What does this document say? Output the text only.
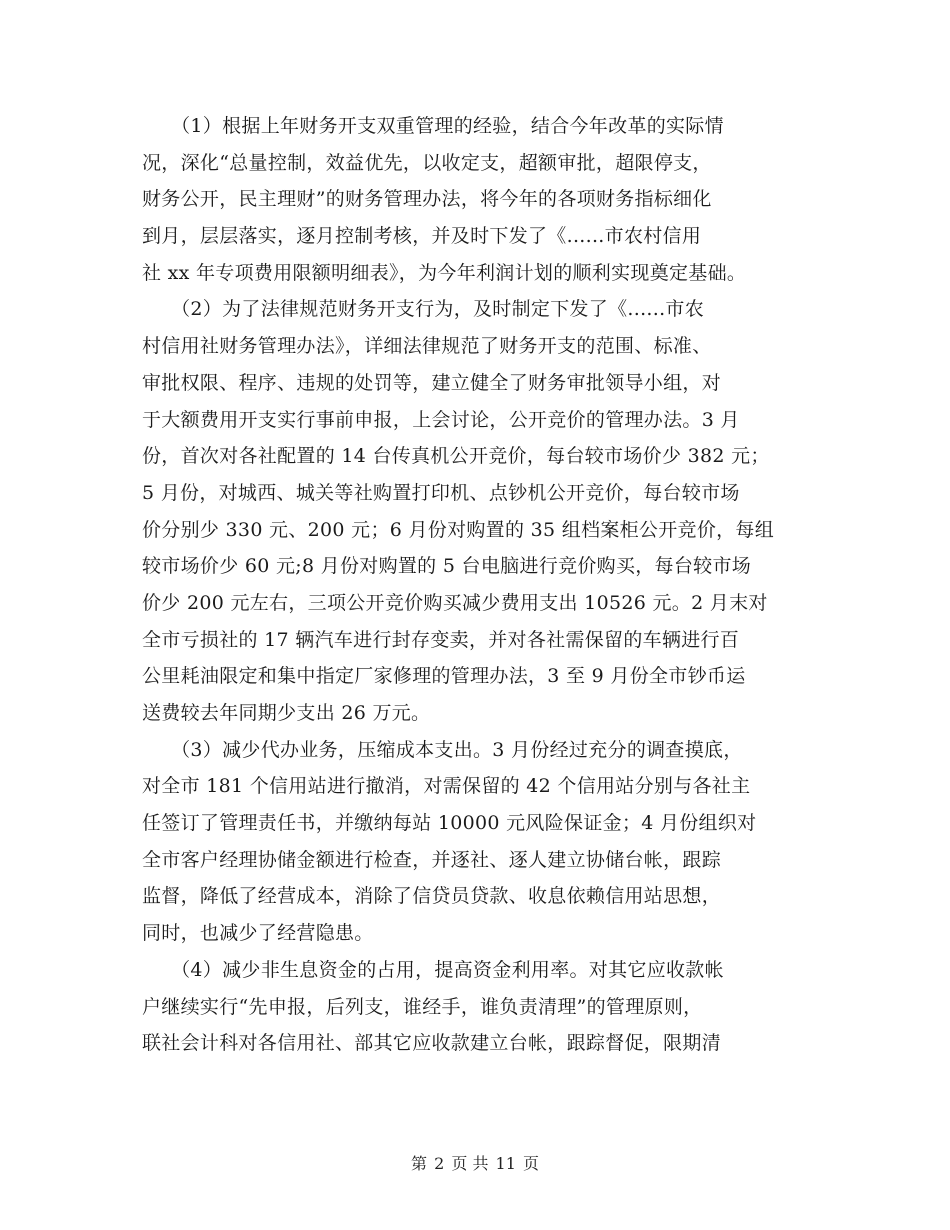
　　（1）根据上年财务开支双重管理的经验，结合今年改革的实际情
况，深化“总量控制，效益优先，以收定支，超额审批，超限停支，
财务公开，民主理财”的财务管理办法，将今年的各项财务指标细化
到月，层层落实，逐月控制考核，并及时下发了《......市农村信用
社 xx 年专项费用限额明细表》，为今年利润计划的顺利实现奠定基础。
　　（2）为了法律规范财务开支行为，及时制定下发了《......市农
村信用社财务管理办法》，详细法律规范了财务开支的范围、标准、
审批权限、程序、违规的处罚等，建立健全了财务审批领导小组，对
于大额费用开支实行事前申报，上会讨论，公开竞价的管理办法。3 月
份，首次对各社配置的 14 台传真机公开竞价，每台较市场价少 382 元；
5 月份，对城西、城关等社购置打印机、点钞机公开竞价，每台较市场
价分别少 330 元、200 元；6 月份对购置的 35 组档案柜公开竞价，每组
较市场价少 60 元;8 月份对购置的 5 台电脑进行竞价购买，每台较市场
价少 200 元左右，三项公开竞价购买减少费用支出 10526 元。2 月末对
全市亏损社的 17 辆汽车进行封存变卖，并对各社需保留的车辆进行百
公里耗油限定和集中指定厂家修理的管理办法，3 至 9 月份全市钞币运
送费较去年同期少支出 26 万元。
　　（3）减少代办业务，压缩成本支出。3 月份经过充分的调查摸底，
对全市 181 个信用站进行撤消，对需保留的 42 个信用站分别与各社主
任签订了管理责任书，并缴纳每站 10000 元风险保证金；4 月份组织对
全市客户经理协储金额进行检查，并逐社、逐人建立协储台帐，跟踪
监督，降低了经营成本，消除了信贷员贷款、收息依赖信用站思想，
同时，也减少了经营隐患。
　　（4）减少非生息资金的占用，提高资金利用率。对其它应收款帐
户继续实行“先申报，后列支，谁经手，谁负责清理”的管理原则，
联社会计科对各信用社、部其它应收款建立台帐，跟踪督促，限期清
第 2 页 共 11 页
